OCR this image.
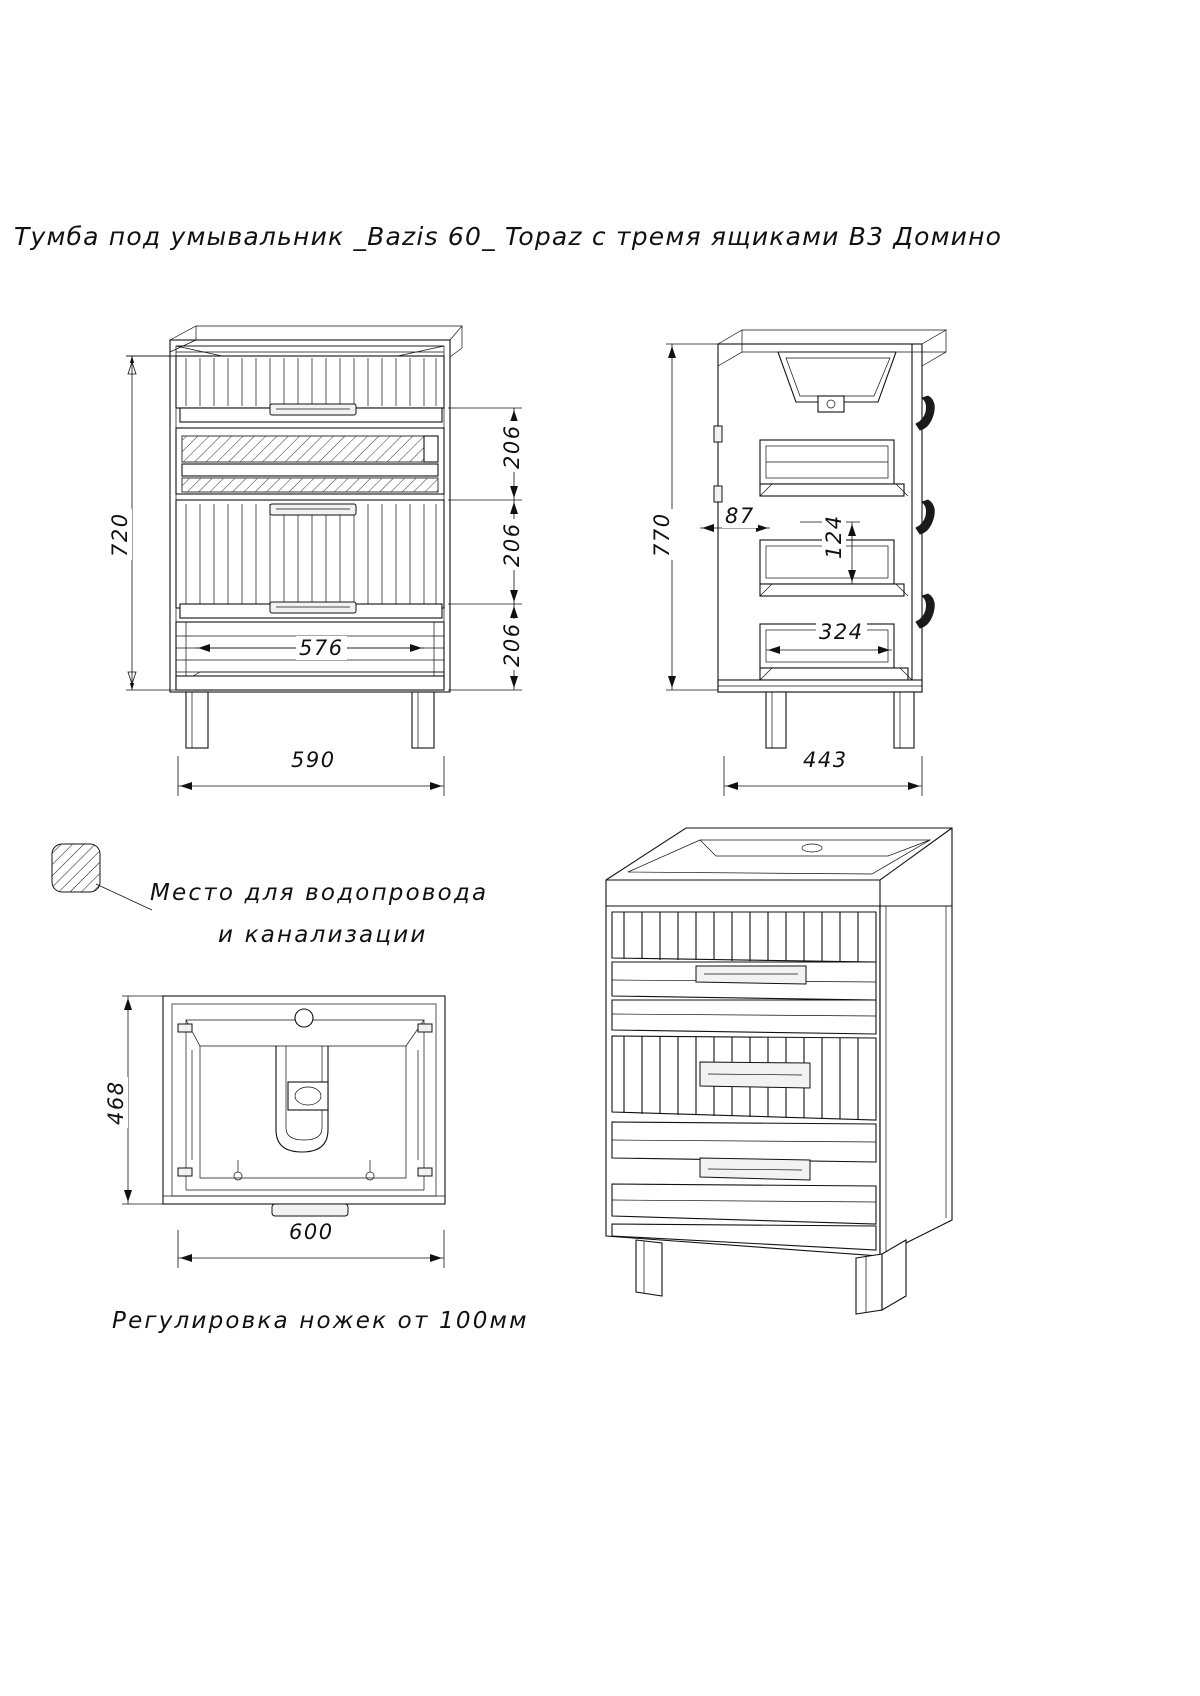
Тумба под умывальник _Bazis 60_ Topaz с тремя ящиками В3 Домино
720
206
206
206
576
590
770 87	124
324
443
468
600
Место для водопровода
и канализации
Регулировка ножек от 100мм
